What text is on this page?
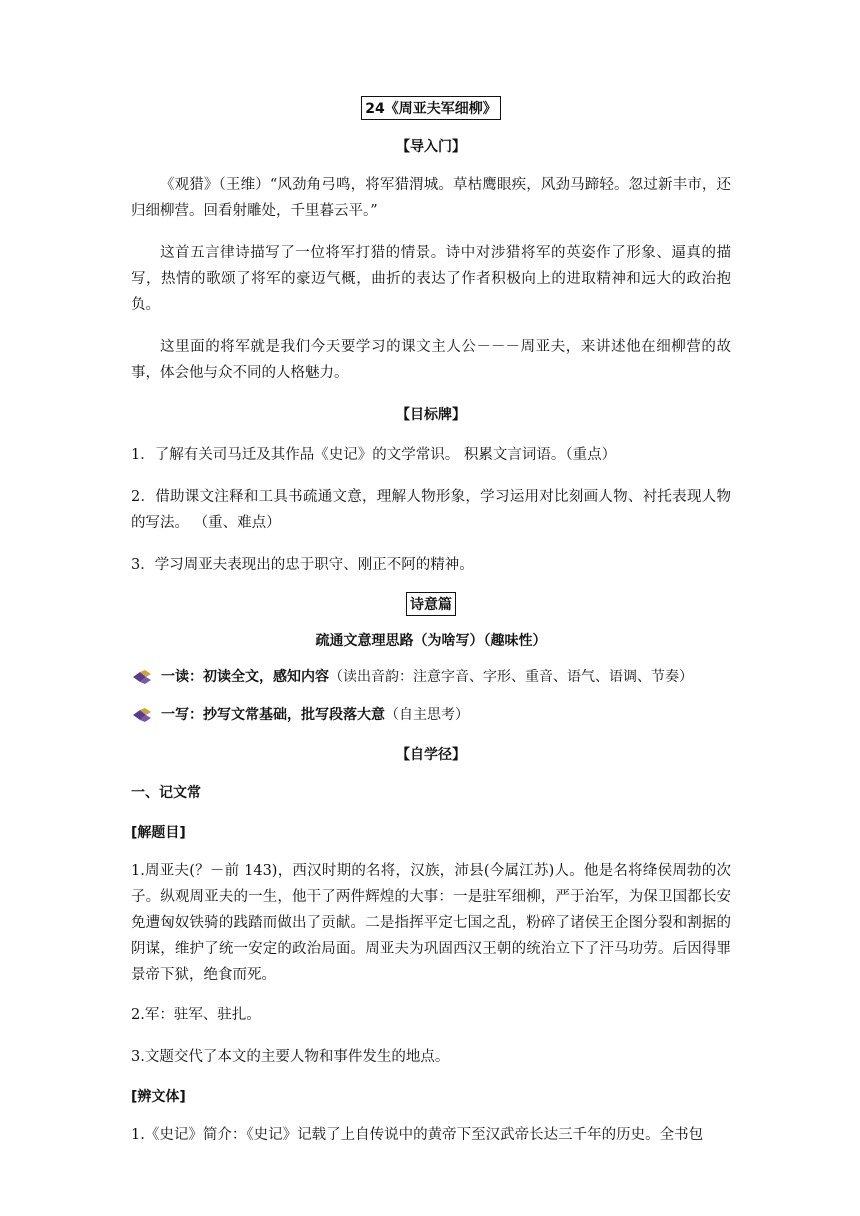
24《周亚夫军细柳》
【导入门】

《观猎》（王维）“风劲角弓鸣，将军猎渭城。草枯鹰眼疾，风劲马蹄轻。忽过新丰市，还归细柳营。回看射雕处，千里暮云平。”

这首五言律诗描写了一位将军打猎的情景。诗中对涉猎将军的英姿作了形象、逼真的描写，热情的歌颂了将军的豪迈气概，曲折的表达了作者积极向上的进取精神和远大的政治抱负。

这里面的将军就是我们今天要学习的课文主人公－－－周亚夫，来讲述他在细柳营的故事，体会他与众不同的人格魅力。

【目标牌】

1．了解有关司马迁及其作品《史记》的文学常识。 积累文言词语。（重点）

2．借助课文注释和工具书疏通文意，理解人物形象，学习运用对比刻画人物、衬托表现人物的写法。 （重、难点）

3．学习周亚夫表现出的忠于职守、刚正不阿的精神。

诗意篇
疏通文意理思路（为啥写）（趣味性）
一读：初读全文，感知内容 （读出音韵：注意字音、字形、重音、语气、语调、节奏）
一写：抄写文常基础，批写段落大意 （自主思考）
【自学径】
一、记文常
[解题目]

1.周亚夫(？－前 143)，西汉时期的名将，汉族，沛县(今属江苏)人。他是名将绛侯周勃的次子。纵观周亚夫的一生，他干了两件辉煌的大事：一是驻军细柳，严于治军，为保卫国都长安免遭匈奴铁骑的践踏而做出了贡献。二是指挥平定七国之乱，粉碎了诸侯王企图分裂和割据的阴谋，维护了统一安定的政治局面。周亚夫为巩固西汉王朝的统治立下了汗马功劳。后因得罪景帝下狱，绝食而死。

2.军：驻军、驻扎。

3.文题交代了本文的主要人物和事件发生的地点。

[辨文体]

1.《史记》简介：《史记》记载了上自传说中的黄帝下至汉武帝长达三千年的历史。全书包
